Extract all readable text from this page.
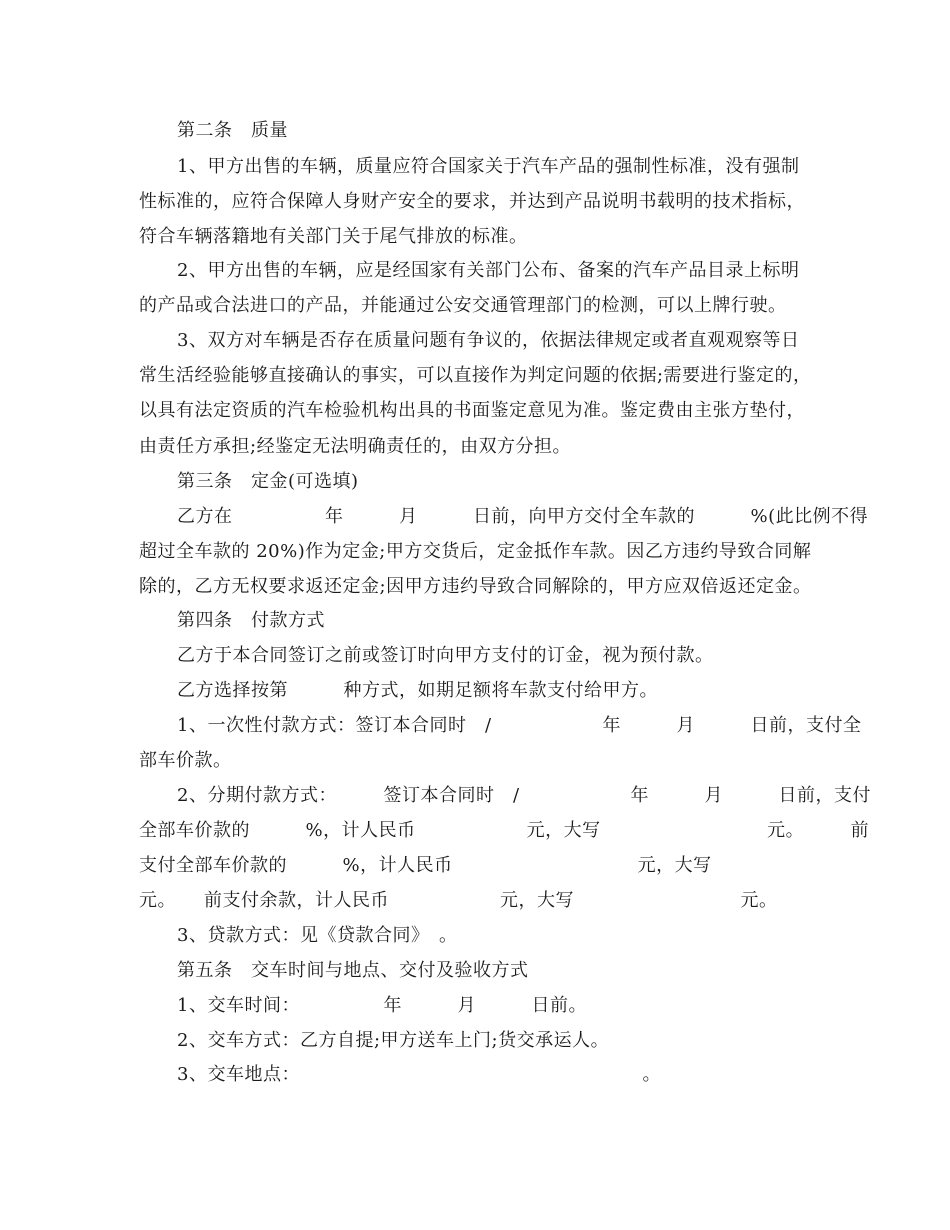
第二条　质量
1、甲方出售的车辆，质量应符合国家关于汽车产品的强制性标准，没有强制
性标准的，应符合保障人身财产安全的要求，并达到产品说明书载明的技术指标，
符合车辆落籍地有关部门关于尾气排放的标准。
2、甲方出售的车辆，应是经国家有关部门公布、备案的汽车产品目录上标明
的产品或合法进口的产品，并能通过公安交通管理部门的检测，可以上牌行驶。
3、双方对车辆是否存在质量问题有争议的，依据法律规定或者直观观察等日
常生活经验能够直接确认的事实，可以直接作为判定问题的依据;需要进行鉴定的，
以具有法定资质的汽车检验机构出具的书面鉴定意见为准。鉴定费由主张方垫付，
由责任方承担;经鉴定无法明确责任的，由双方分担。
第三条　定金(可选填)
乙方在　　　　　年　　　月　　　日前，向甲方交付全车款的　　　%(此比例不得
超过全车款的 20%)作为定金;甲方交货后，定金抵作车款。因乙方违约导致合同解
除的，乙方无权要求返还定金;因甲方违约导致合同解除的，甲方应双倍返还定金。
第四条　付款方式
乙方于本合同签订之前或签订时向甲方支付的订金，视为预付款。
乙方选择按第　　　种方式，如期足额将车款支付给甲方。
1、一次性付款方式：签订本合同时　/　　　　　　年　　　月　　　日前，支付全
部车价款。
2、分期付款方式：　　　签订本合同时　/　　　　　　年　　　月　　　日前，支付
全部车价款的　　　%，计人民币　　　　　　元，大写　　　　　　　　　元。　　　前
支付全部车价款的　　　%，计人民币　　　　　　　　　　元，大写
元。　　前支付余款，计人民币　　　　　　元，大写　　　　　　　　　元。
3、贷款方式：见《贷款合同》　。
第五条　交车时间与地点、交付及验收方式
1、交车时间：　　　　　年　　　月　　　日前。
2、交车方式：乙方自提;甲方送车上门;货交承运人。
3、交车地点：　　　　　　　　　　　　　　　　　　　。
